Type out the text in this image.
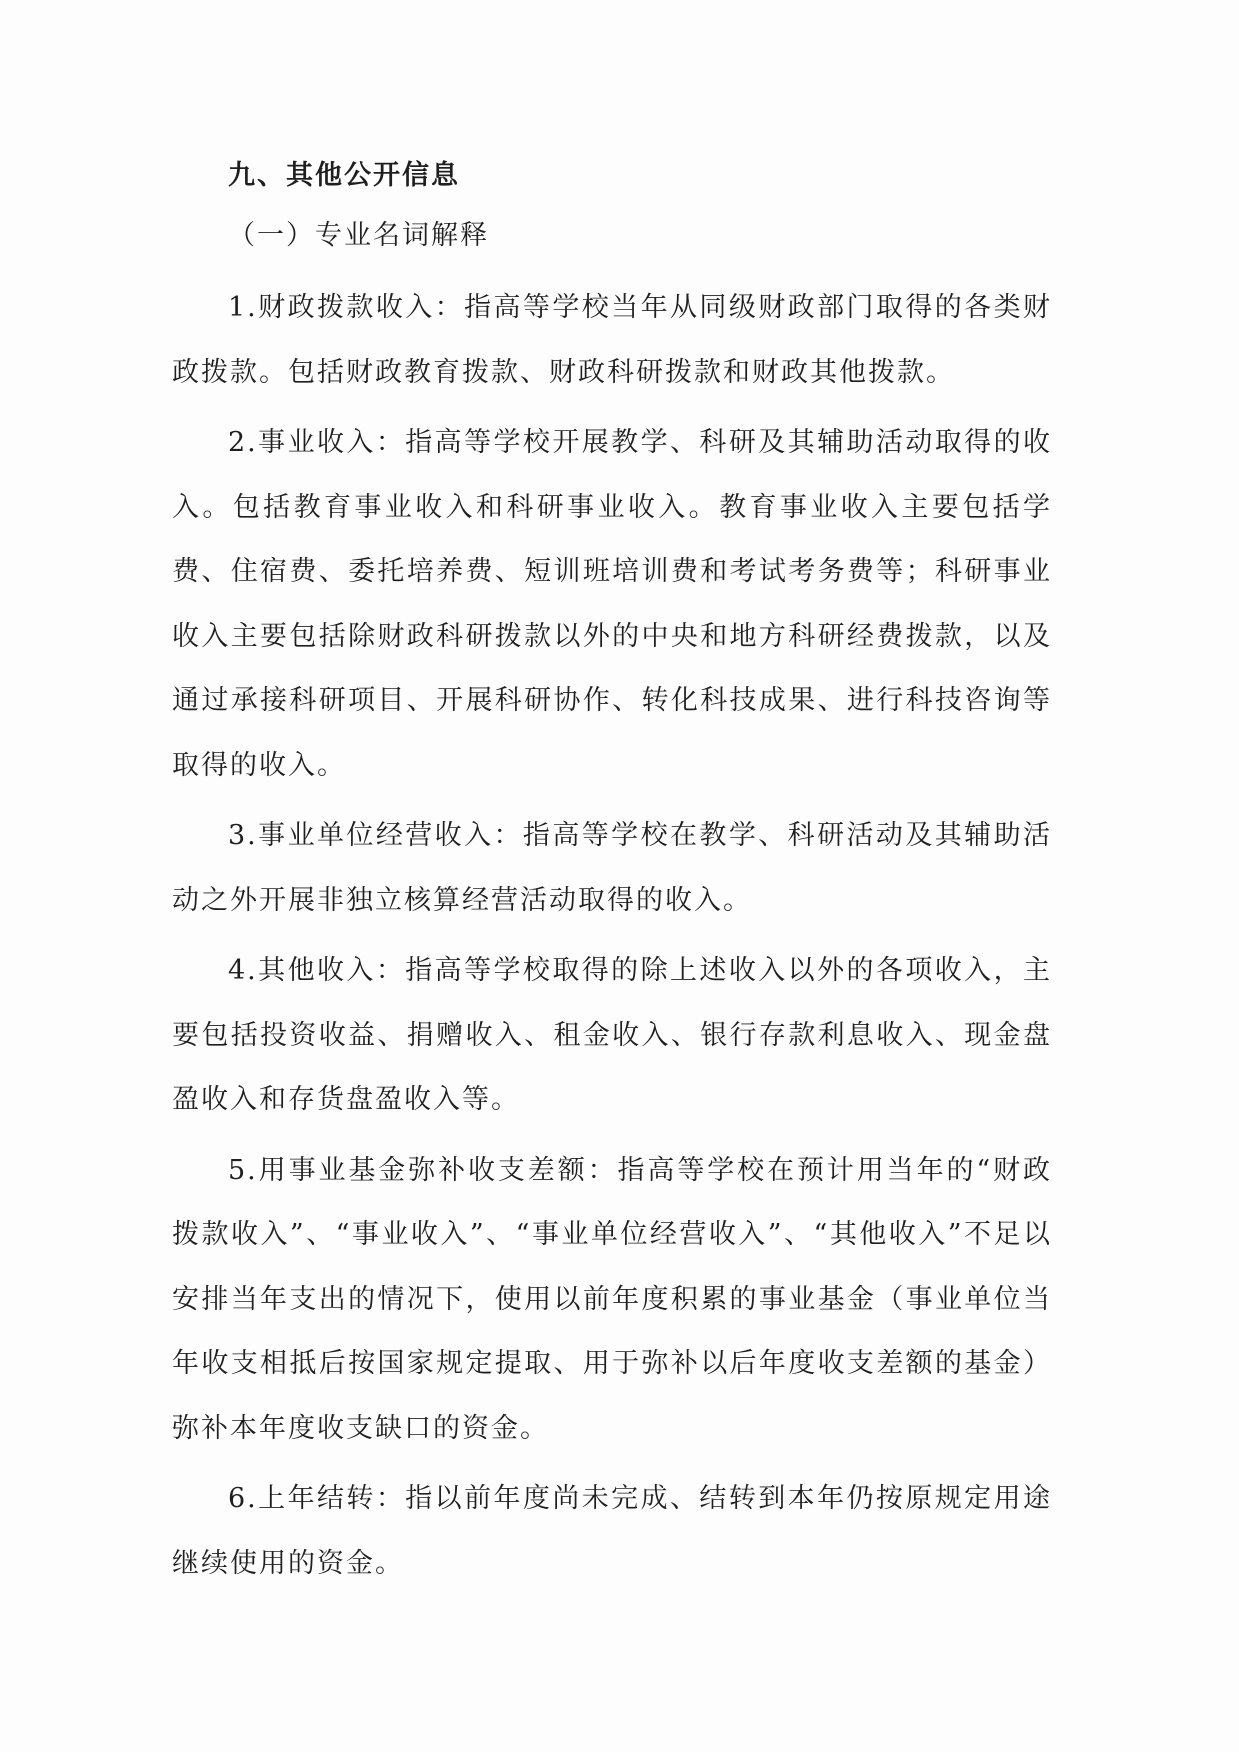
九、其他公开信息
（一）专业名词解释

1.财政拨款收入：指高等学校当年从同级财政部门取得的各类财政拨款。包括财政教育拨款、财政科研拨款和财政其他拨款。

2.事业收入：指高等学校开展教学、科研及其辅助活动取得的收入。包括教育事业收入和科研事业收入。教育事业收入主要包括学费、住宿费、委托培养费、短训班培训费和考试考务费等；科研事业收入主要包括除财政科研拨款以外的中央和地方科研经费拨款，以及通过承接科研项目、开展科研协作、转化科技成果、进行科技咨询等取得的收入。

3.事业单位经营收入：指高等学校在教学、科研活动及其辅助活动之外开展非独立核算经营活动取得的收入。

4.其他收入：指高等学校取得的除上述收入以外的各项收入，主要包括投资收益、捐赠收入、租金收入、银行存款利息收入、现金盘盈收入和存货盘盈收入等。

5.用事业基金弥补收支差额：指高等学校在预计用当年的“财政拨款收入”、“事业收入”、“事业单位经营收入”、“其他收入”不足以安排当年支出的情况下，使用以前年度积累的事业基金（事业单位当年收支相抵后按国家规定提取、用于弥补以后年度收支差额的基金）弥补本年度收支缺口的资金。

6.上年结转：指以前年度尚未完成、结转到本年仍按原规定用途继续使用的资金。
